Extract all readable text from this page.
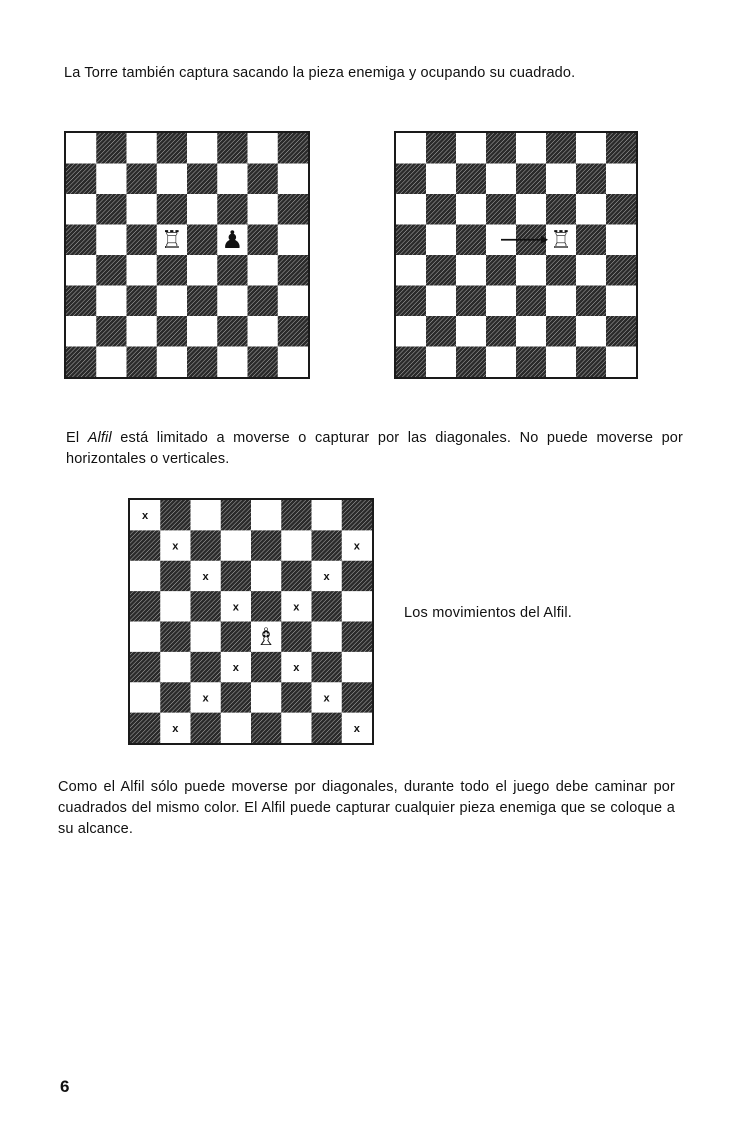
La Torre también captura sacando la pieza enemiga y ocupando su cuadrado.
♖ ♟	♖
El Alfil está limitado a moverse o capturar por las diagonales. No puede moverse por horizontales o verticales.
x
x
x
x	x
x
x
x
x
x
x
x
x
♗
Los movimientos del Alfil.
Como el Alfil sólo puede moverse por diagonales, durante todo el juego debe caminar por cuadrados del mismo color. El Alfil puede capturar cualquier pieza enemiga que se coloque a su alcance.
6
